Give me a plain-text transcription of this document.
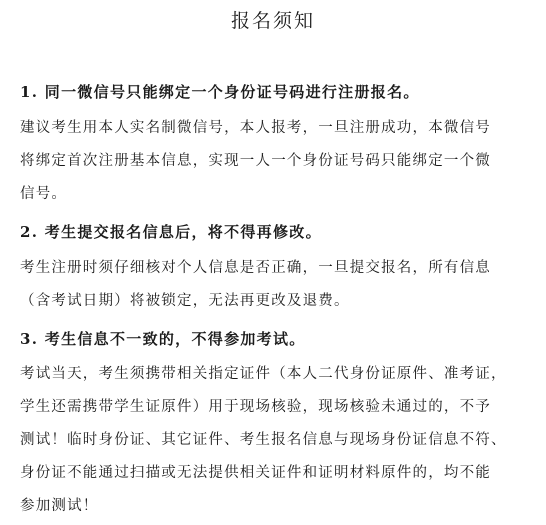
报名须知
1. 同一微信号只能绑定一个身份证号码进行注册报名。
建议考生用本人实名制微信号，本人报考，一旦注册成功，本微信号
将绑定首次注册基本信息，实现一人一个身份证号码只能绑定一个微
信号。
2. 考生提交报名信息后，将不得再修改。
考生注册时须仔细核对个人信息是否正确，一旦提交报名，所有信息
（含考试日期）将被锁定，无法再更改及退费。
3. 考生信息不一致的，不得参加考试。
考试当天，考生须携带相关指定证件（本人二代身份证原件、准考证，
学生还需携带学生证原件）用于现场核验，现场核验未通过的，不予
测试！临时身份证、其它证件、考生报名信息与现场身份证信息不符、
身份证不能通过扫描或无法提供相关证件和证明材料原件的，均不能
参加测试！
